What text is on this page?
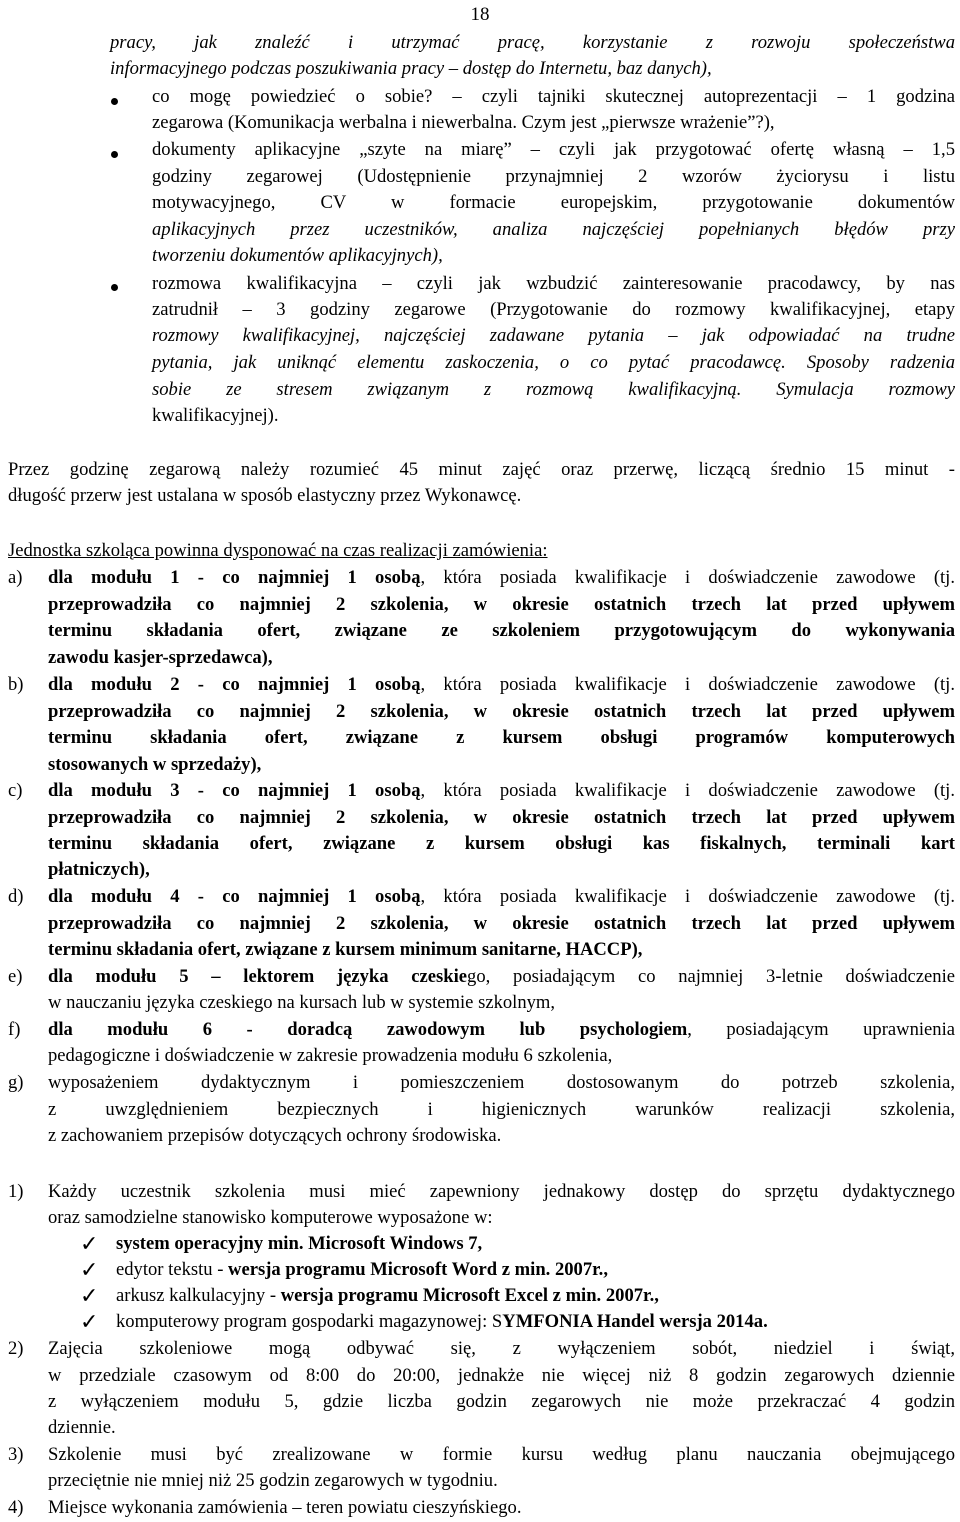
18
pracy, jak znaleźć i utrzymać pracę, korzystanie z rozwoju społeczeństwa
informacyjnego podczas poszukiwania pracy – dostęp do Internetu, baz danych),
co mogę powiedzieć o sobie? – czyli tajniki skutecznej autoprezentacji – 1 godzina
zegarowa (Komunikacja werbalna i niewerbalna. Czym jest „pierwsze wrażenie”?),
dokumenty aplikacyjne „szyte na miarę” – czyli jak przygotować ofertę własną – 1,5
godziny zegarowej (Udostępnienie przynajmniej 2 wzorów życiorysu i listu
motywacyjnego, CV w formacie europejskim, przygotowanie dokumentów
aplikacyjnych przez uczestników, analiza najczęściej popełnianych błędów przy
tworzeniu dokumentów aplikacyjnych),
rozmowa kwalifikacyjna – czyli jak wzbudzić zainteresowanie pracodawcy, by nas
zatrudnił – 3 godziny zegarowe (Przygotowanie do rozmowy kwalifikacyjnej, etapy
rozmowy kwalifikacyjnej, najczęściej zadawane pytania – jak odpowiadać na trudne
pytania, jak uniknąć elementu zaskoczenia, o co pytać pracodawcę. Sposoby radzenia
sobie ze stresem związanym z rozmową kwalifikacyjną. Symulacja rozmowy
kwalifikacyjnej).
Przez godzinę zegarową należy rozumieć 45 minut zajęć oraz przerwę, liczącą średnio 15 minut -
długość przerw jest ustalana w sposób elastyczny przez Wykonawcę.
Jednostka szkoląca powinna dysponować na czas realizacji zamówienia:
a)	dla modułu 1 - co najmniej 1 osobą, która posiada kwalifikacje i doświadczenie zawodowe (tj.
przeprowadziła co najmniej 2 szkolenia, w okresie ostatnich trzech lat przed upływem
terminu składania ofert, związane ze szkoleniem przygotowującym do wykonywania
zawodu kasjer-sprzedawca),
b)	dla modułu 2 - co najmniej 1 osobą, która posiada kwalifikacje i doświadczenie zawodowe (tj.
przeprowadziła co najmniej 2 szkolenia, w okresie ostatnich trzech lat przed upływem
terminu składania ofert, związane z kursem obsługi programów komputerowych
stosowanych w sprzedaży),
c)	dla modułu 3 - co najmniej 1 osobą, która posiada kwalifikacje i doświadczenie zawodowe (tj.
przeprowadziła co najmniej 2 szkolenia, w okresie ostatnich trzech lat przed upływem
terminu składania ofert, związane z kursem obsługi kas fiskalnych, terminali kart
płatniczych),
d)	dla modułu 4 - co najmniej 1 osobą, która posiada kwalifikacje i doświadczenie zawodowe (tj.
przeprowadziła co najmniej 2 szkolenia, w okresie ostatnich trzech lat przed upływem
terminu składania ofert, związane z kursem minimum sanitarne, HACCP),
e)	dla modułu 5 – lektorem języka czeskiego, posiadającym co najmniej 3-letnie doświadczenie
w nauczaniu języka czeskiego na kursach lub w systemie szkolnym,
f)	dla modułu 6 - doradcą zawodowym lub psychologiem, posiadającym uprawnienia
pedagogiczne i doświadczenie w zakresie prowadzenia modułu 6 szkolenia,
g)	wyposażeniem dydaktycznym i pomieszczeniem dostosowanym do potrzeb szkolenia,
z uwzględnieniem bezpiecznych i higienicznych warunków realizacji szkolenia,
z zachowaniem przepisów dotyczących ochrony środowiska.
1)	Każdy uczestnik szkolenia musi mieć zapewniony jednakowy dostęp do sprzętu dydaktycznego
oraz samodzielne stanowisko komputerowe wyposażone w:
✓ system operacyjny min. Microsoft Windows 7,
✓ edytor tekstu - wersja programu Microsoft Word z min. 2007r.,
✓ arkusz kalkulacyjny - wersja programu Microsoft Excel z min. 2007r.,
✓ komputerowy program gospodarki magazynowej: SYMFONIA Handel wersja 2014a.
2)	Zajęcia szkoleniowe mogą odbywać się, z wyłączeniem sobót, niedziel i świąt,
w przedziale czasowym od 8:00 do 20:00, jednakże nie więcej niż 8 godzin zegarowych dziennie
z wyłączeniem modułu 5, gdzie liczba godzin zegarowych nie może przekraczać 4 godzin
dziennie.
3)	Szkolenie musi być zrealizowane w formie kursu według planu nauczania obejmującego
przeciętnie nie mniej niż 25 godzin zegarowych w tygodniu.
4)	Miejsce wykonania zamówienia – teren powiatu cieszyńskiego.
